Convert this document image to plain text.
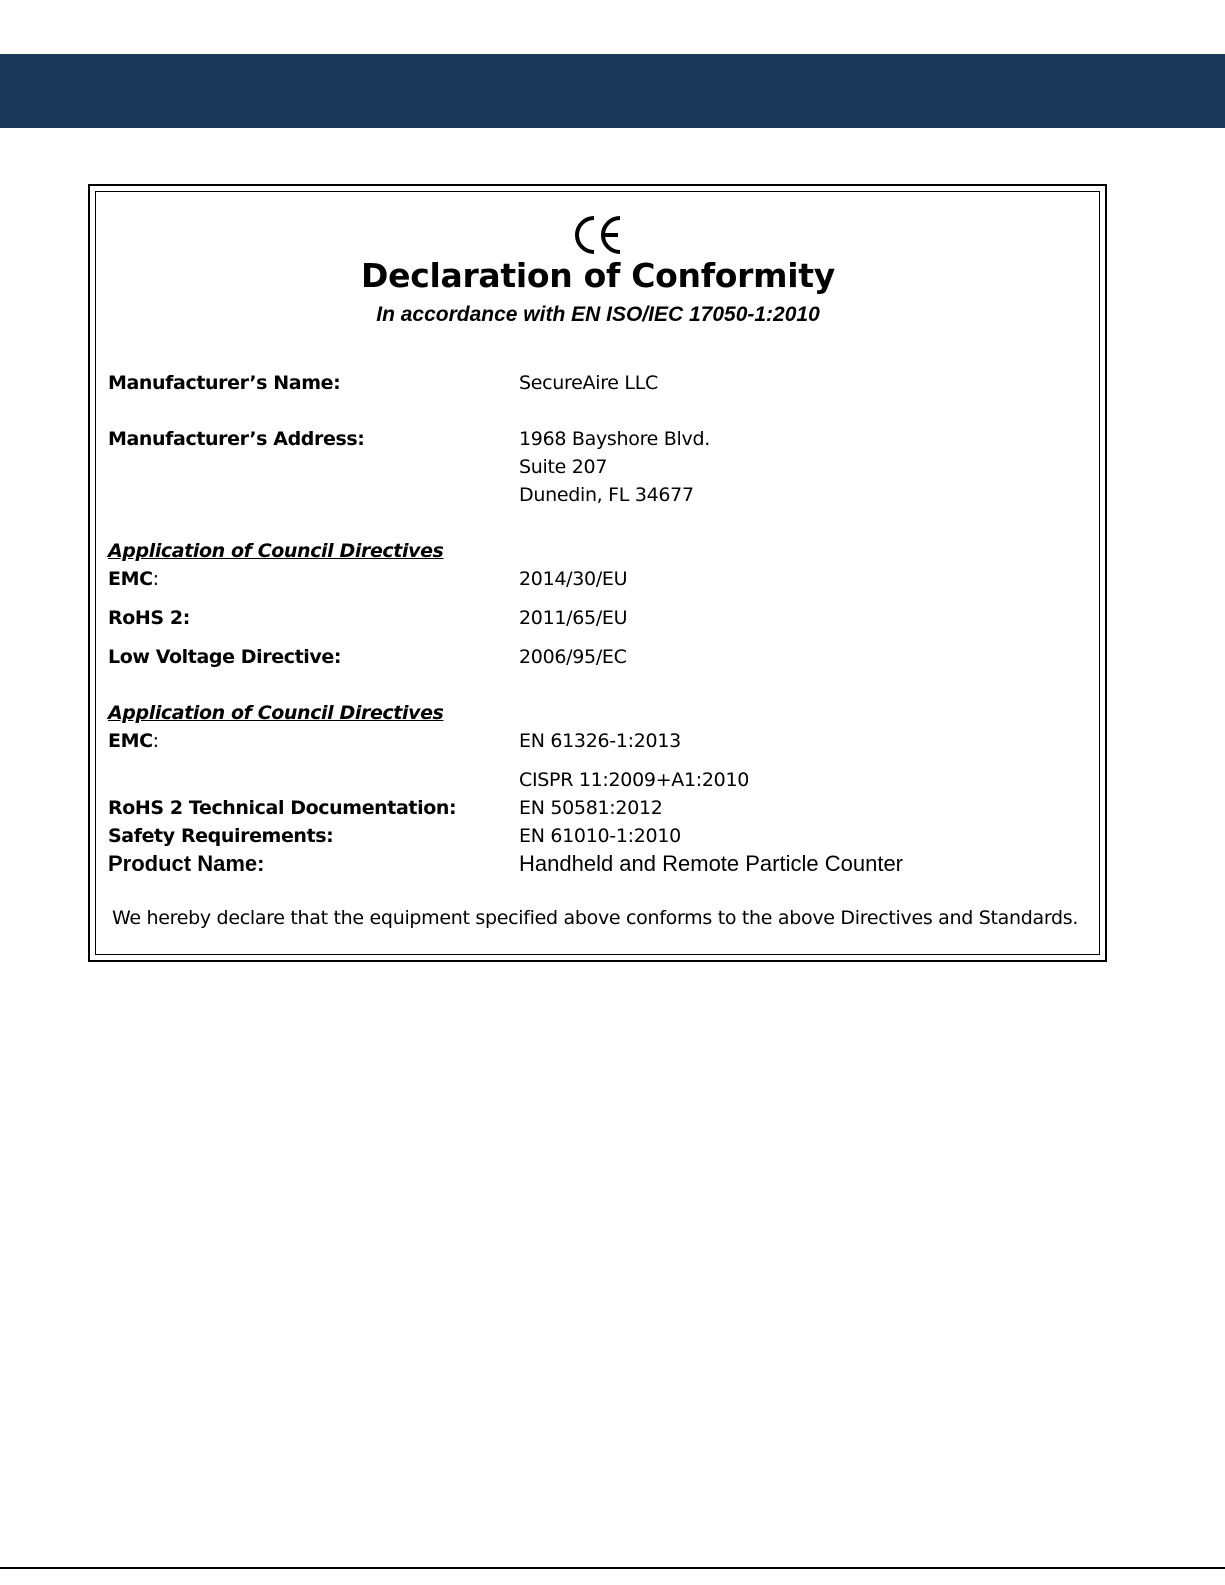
Declaration of Conformity
In accordance with EN ISO/IEC 17050-1:2010
Manufacturer’s Name:	SecureAire LLC
Manufacturer’s Address:	1968 Bayshore Blvd.
Suite 207
Dunedin, FL 34677
Application of Council Directives
EMC:	2014/30/EU
RoHS 2:	2011/65/EU
Low Voltage Directive:	2006/95/EC
Application of Council Directives
EMC:	EN 61326-1:2013
CISPR 11:2009+A1:2010
RoHS 2 Technical Documentation:	EN 50581:2012
Safety Requirements:	EN 61010-1:2010
Product Name:	Handheld and Remote Particle Counter
We hereby declare that the equipment specified above conforms to the above Directives and Standards.
